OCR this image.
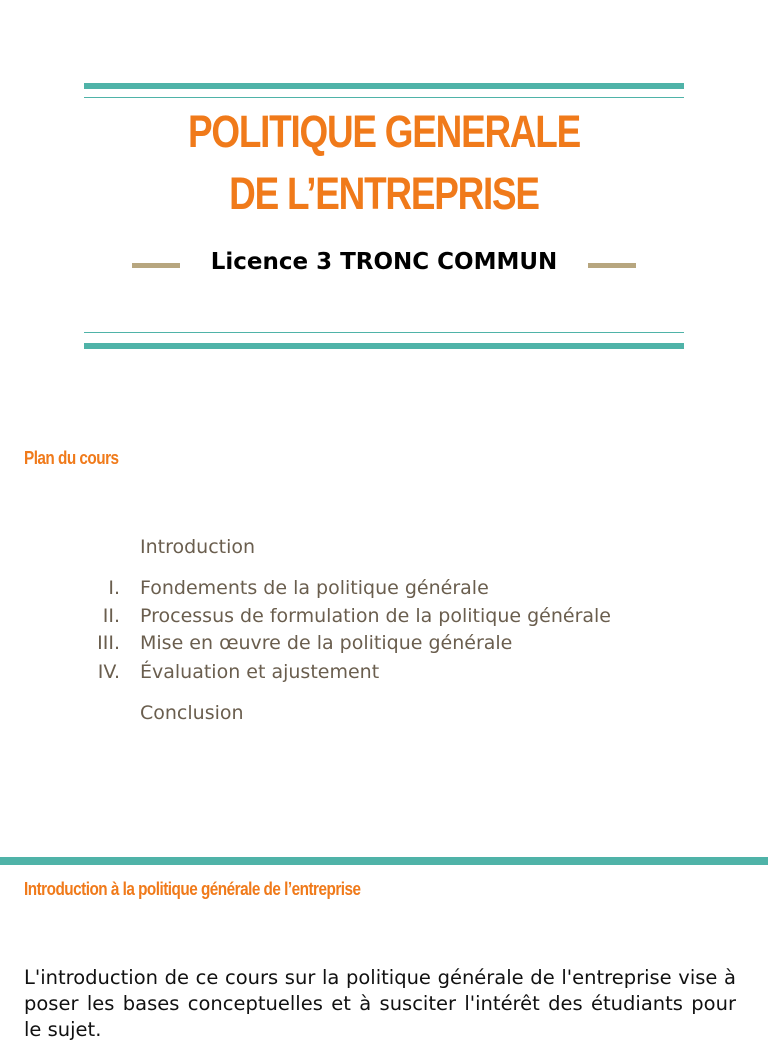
POLITIQUE GENERALE
DE L’ENTREPRISE
Licence 3 TRONC COMMUN
Plan du cours
Introduction
I. Fondements de la politique générale
II. Processus de formulation de la politique générale
III. Mise en œuvre de la politique générale
IV. Évaluation et ajustement
Conclusion
Introduction à la politique générale de l’entreprise
L'introduction de ce cours sur la politique générale de l'entreprise vise à poser les bases conceptuelles et à susciter l'intérêt des étudiants pour le sujet.
